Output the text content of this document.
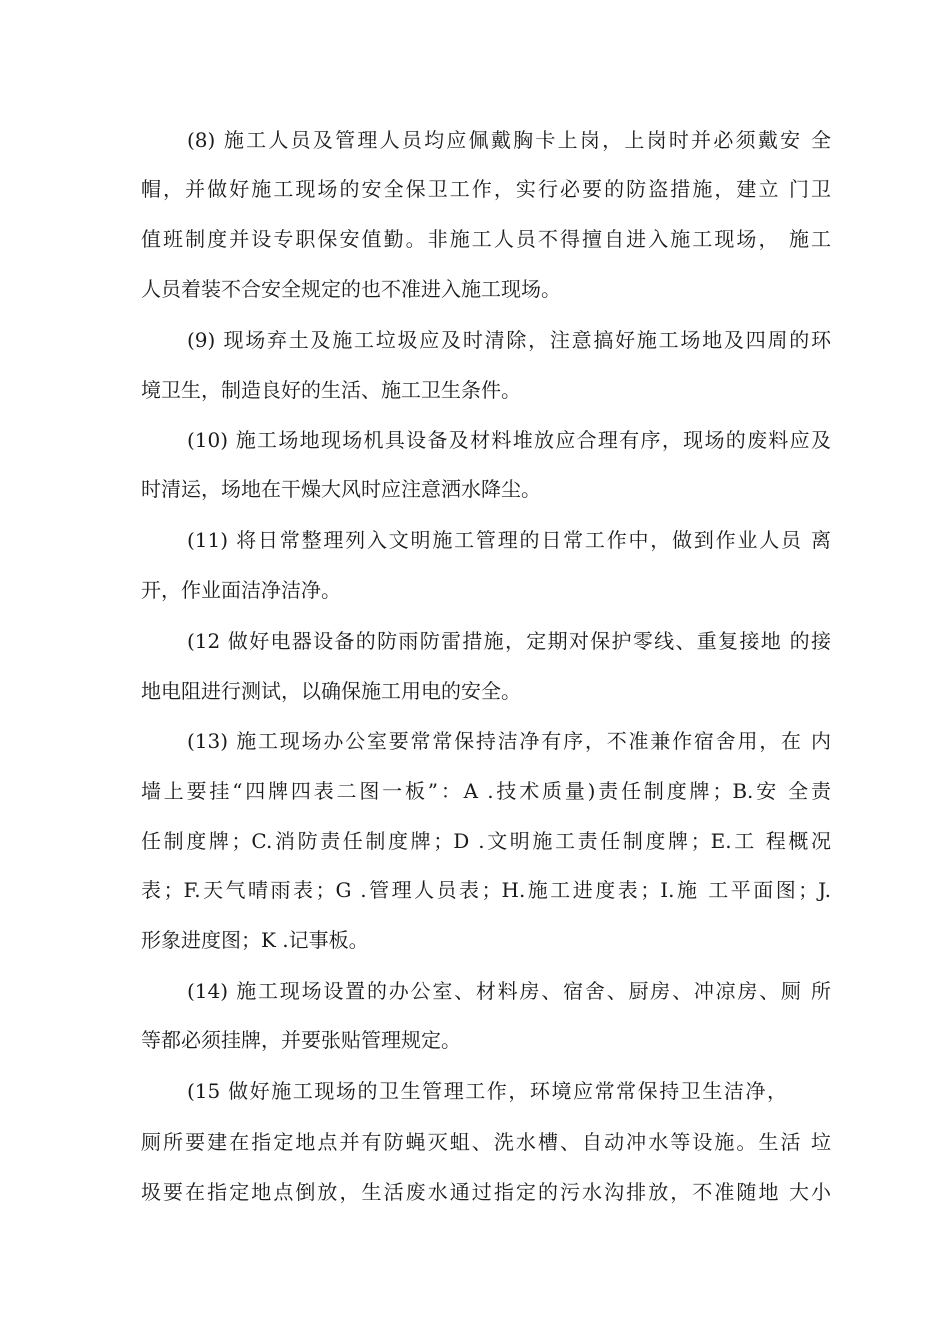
(8) 施工人员及管理人员均应佩戴胸卡上岗，上岗时并必须戴安 全
帽，并做好施工现场的安全保卫工作，实行必要的防盗措施，建立 门卫
值班制度并设专职保安值勤。非施工人员不得擅自进入施工现场， 施工
人员着装不合安全规定的也不准进入施工现场。
(9) 现场弃土及施工垃圾应及时清除，注意搞好施工场地及四周的环
境卫生，制造良好的生活、施工卫生条件。
(10) 施工场地现场机具设备及材料堆放应合理有序，现场的废料应及
时清运，场地在干燥大风时应注意洒水降尘。
(11) 将日常整理列入文明施工管理的日常工作中，做到作业人员 离
开，作业面洁净洁净。
(12 做好电器设备的防雨防雷措施，定期对保护零线、重复接地 的接
地电阻进行测试，以确保施工用电的安全。
(13) 施工现场办公室要常常保持洁净有序，不准兼作宿舍用，在 内
墙上要挂“四牌四表二图一板”：A .技术质量)责任制度牌；B.安 全责
任制度牌；C.消防责任制度牌；D .文明施工责任制度牌；E.工 程概况
表；F.天气晴雨表；G .管理人员表；H.施工进度表；I.施 工平面图；J.
形象进度图；K .记事板。
(14) 施工现场设置的办公室、材料房、宿舍、厨房、冲凉房、厕 所
等都必须挂牌，并要张贴管理规定。
(15 做好施工现场的卫生管理工作，环境应常常保持卫生洁净，
厕所要建在指定地点并有防蝇灭蛆、洗水槽、自动冲水等设施。生活 垃
圾要在指定地点倒放，生活废水通过指定的污水沟排放，不准随地 大小
